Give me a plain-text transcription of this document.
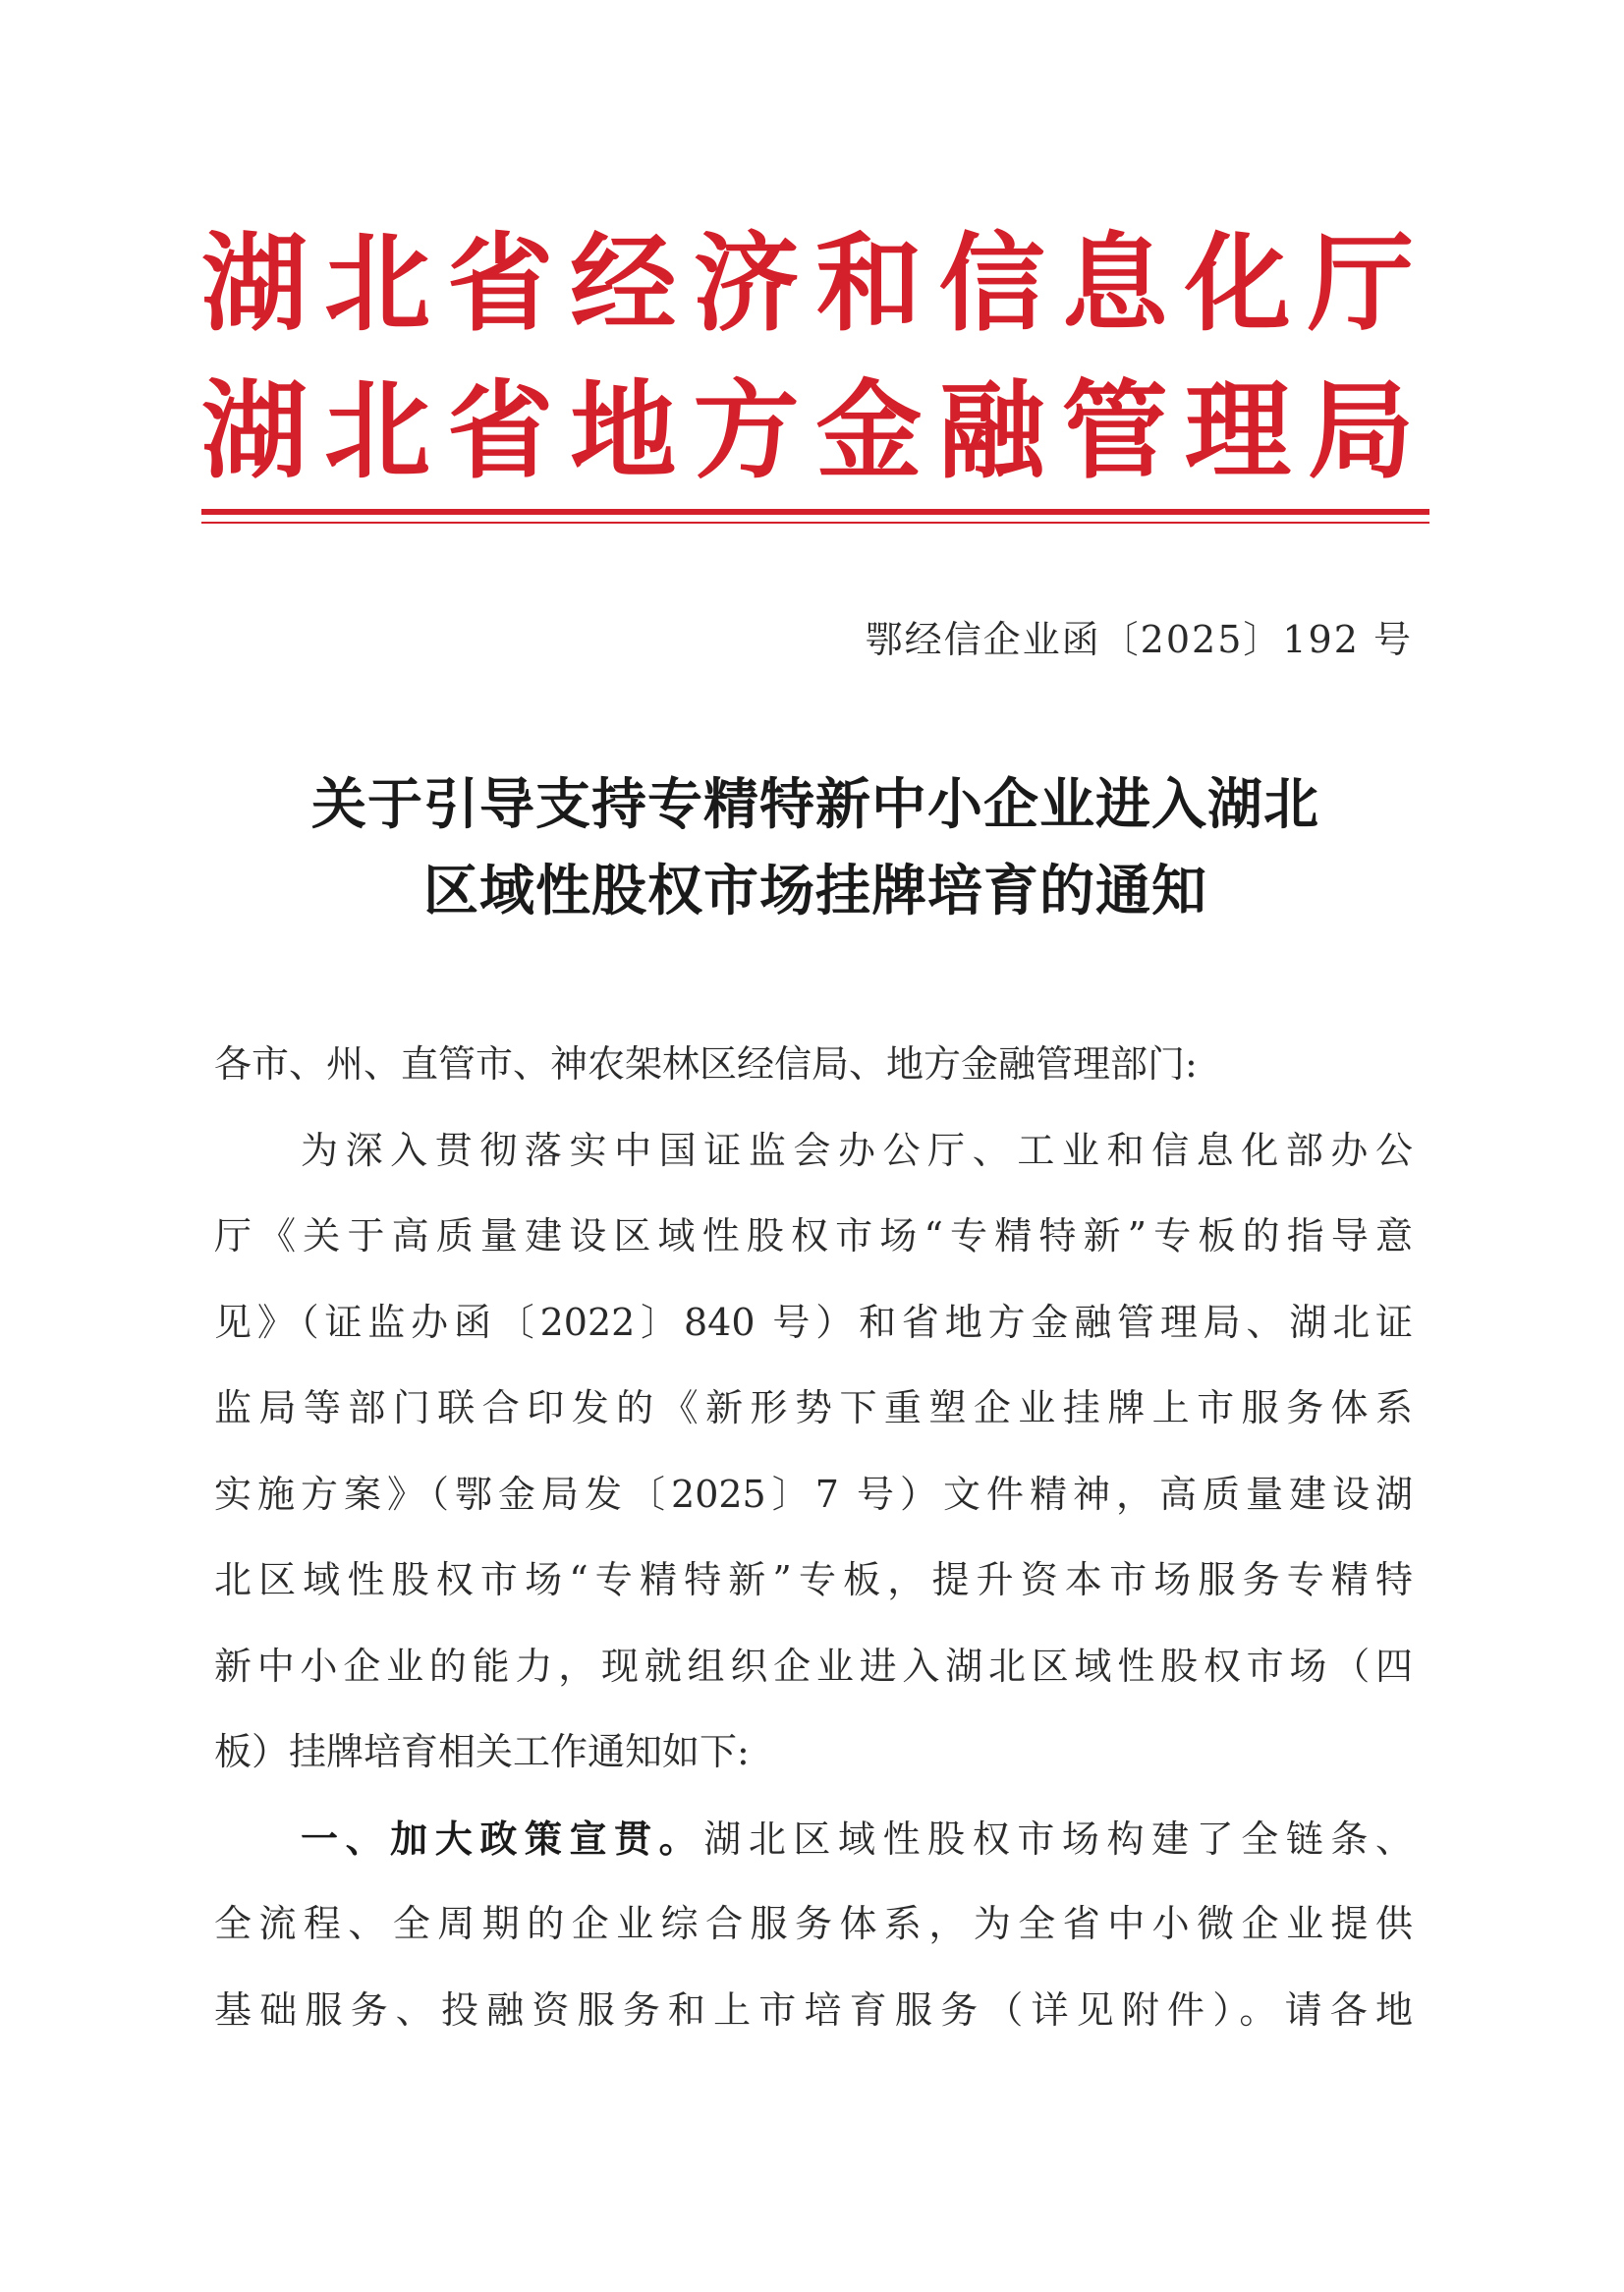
湖北省经济和信息化厅
湖北省地方金融管理局
鄂经信企业函〔2025〕192 号
关于引导支持专精特新中小企业进入湖北
区域性股权市场挂牌培育的通知
各市、州、直管市、神农架林区经信局、地方金融管理部门:
为深入贯彻落实中国证监会办公厅、工业和信息化部办公
厅《关于高质量建设区域性股权市场“专精特新”专板的指导意
见》（证监办函〔2022〕840 号）和省地方金融管理局、湖北证
监局等部门联合印发的《新形势下重塑企业挂牌上市服务体系
实施方案》（鄂金局发〔2025〕7 号）文件精神，高质量建设湖
北区域性股权市场“专精特新”专板，提升资本市场服务专精特
新中小企业的能力，现就组织企业进入湖北区域性股权市场（四
板）挂牌培育相关工作通知如下:
一、加大政策宣贯。湖北区域性股权市场构建了全链条、
全流程、全周期的企业综合服务体系，为全省中小微企业提供
基础服务、投融资服务和上市培育服务（详见附件）。请各地
